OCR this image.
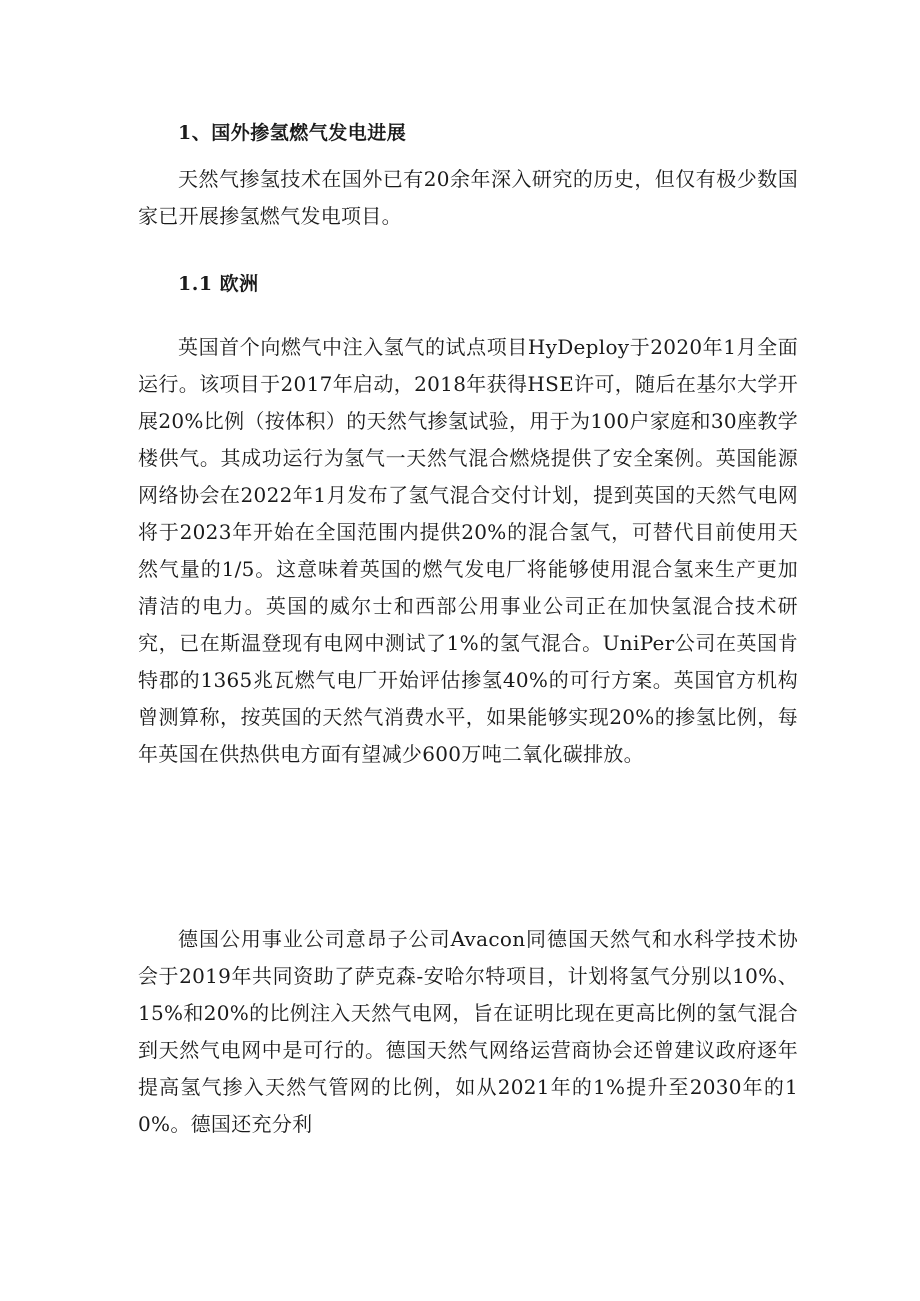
1、国外掺氢燃气发电进展
天然气掺氢技术在国外已有20余年深入研究的历史，但仅有极少数国家已开展掺氢燃气发电项目。
1.1 欧洲
英国首个向燃气中注入氢气的试点项目HyDeploy于2020年1月全面运行。该项目于2017年启动，2018年获得HSE许可，随后在基尔大学开展20%比例（按体积）的天然气掺氢试验，用于为100户家庭和30座教学楼供气。其成功运行为氢气一天然气混合燃烧提供了安全案例。英国能源网络协会在2022年1月发布了氢气混合交付计划，提到英国的天然气电网将于2023年开始在全国范围内提供20%的混合氢气，可替代目前使用天然气量的1/5。这意味着英国的燃气发电厂将能够使用混合氢来生产更加清洁的电力。英国的威尔士和西部公用事业公司正在加快氢混合技术研究，已在斯温登现有电网中测试了1%的氢气混合。UniPer公司在英国肯特郡的1365兆瓦燃气电厂开始评估掺氢40%的可行方案。英国官方机构曾测算称，按英国的天然气消费水平，如果能够实现20%的掺氢比例，每年英国在供热供电方面有望减少600万吨二氧化碳排放。
德国公用事业公司意昂子公司Avacon同德国天然气和水科学技术协会于2019年共同资助了萨克森-安哈尔特项目，计划将氢气分别以10%、15%和20%的比例注入天然气电网，旨在证明比现在更高比例的氢气混合到天然气电网中是可行的。德国天然气网络运营商协会还曾建议政府逐年提高氢气掺入天然气管网的比例，如从2021年的1%提升至2030年的10%。德国还充分利
